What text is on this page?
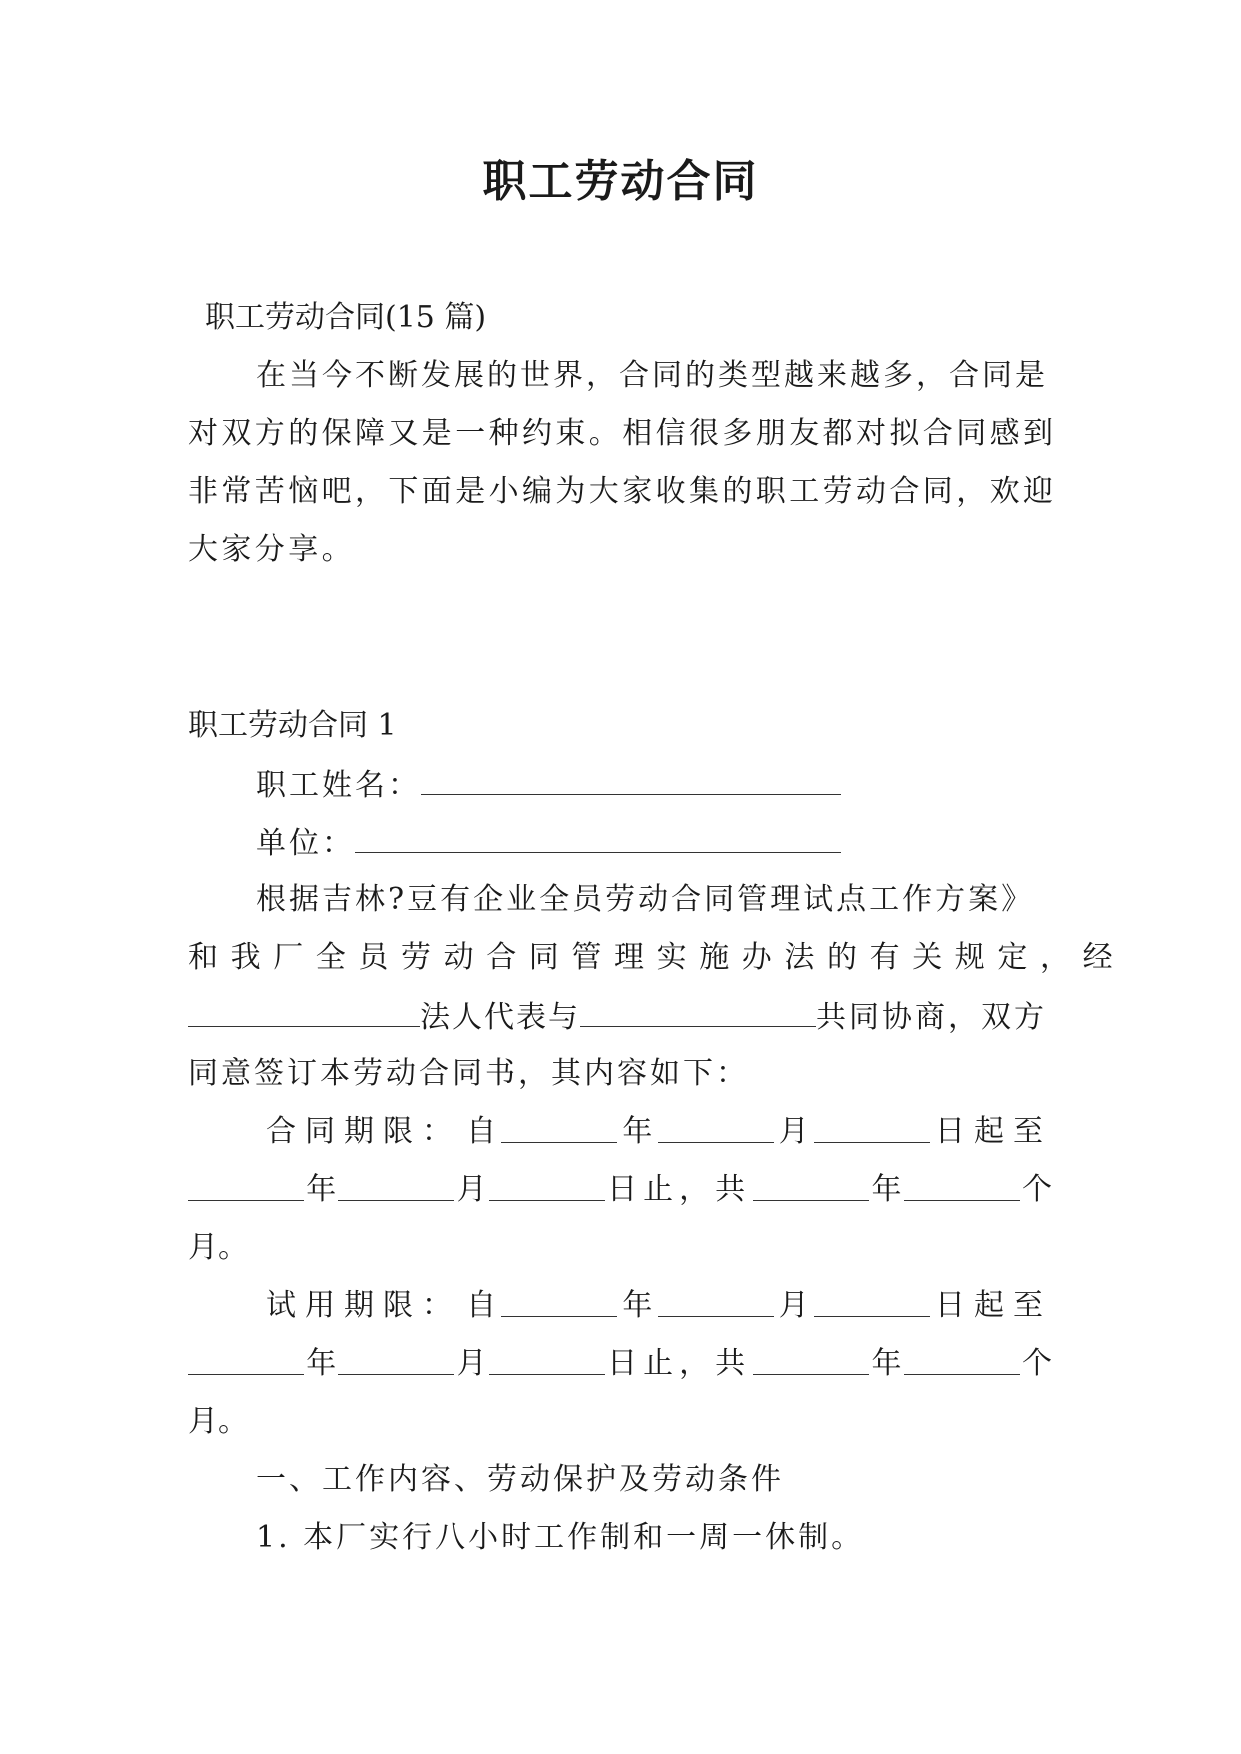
职工劳动合同
职工劳动合同(15 篇)
在当今不断发展的世界，合同的类型越来越多，合同是
对双方的保障又是一种约束。相信很多朋友都对拟合同感到
非常苦恼吧，下面是小编为大家收集的职工劳动合同，欢迎
大家分享。
职工劳动合同 1
职工姓名：
单位：
根据吉林?豆有企业全员劳动合同管理试点工作方案》
和我厂全员劳动合同管理实施办法的有关规定，经
法人代表与	共同协商，双方
同意签订本劳动合同书，其内容如下：
合同期限： 自	年	月	日起至
年	月	日止，共	年	个
月。
试用期限： 自	年	月	日起至
年	月	日止，共	年	个
月。
一、工作内容、劳动保护及劳动条件
1. 本厂实行八小时工作制和一周一休制。
